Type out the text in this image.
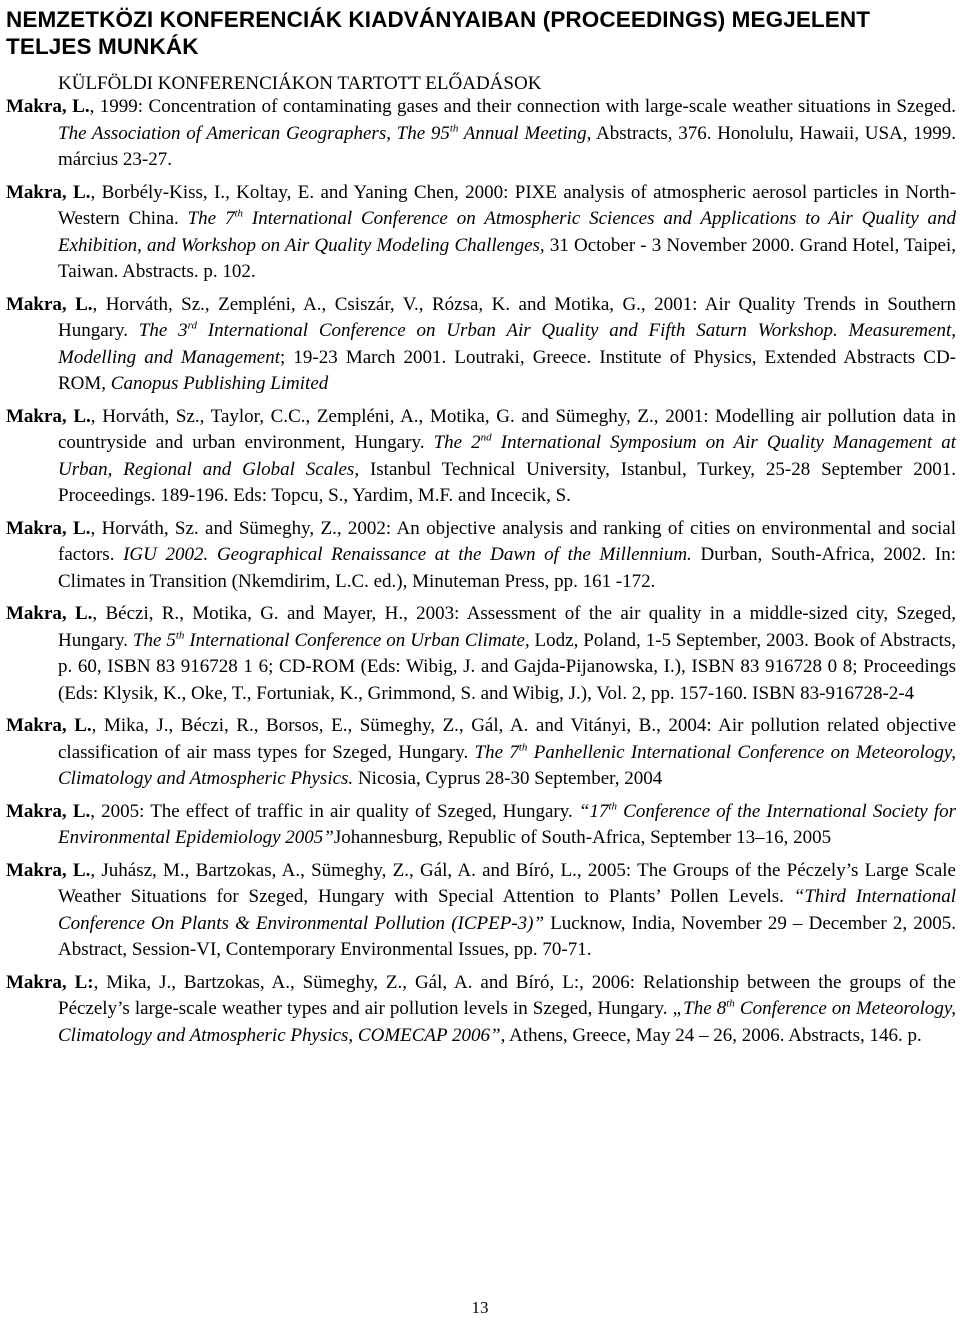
NEMZETKÖZI KONFERENCIÁK KIADVÁNYAIBAN (PROCEEDINGS) MEGJELENT TELJES MUNKÁK
KÜLFÖLDI KONFERENCIÁKON TARTOTT ELŐADÁSOK

Makra, L., 1999: Concentration of contaminating gases and their connection with large-scale weather situations in Szeged. The Association of American Geographers, The 95th Annual Meeting, Abstracts, 376. Honolulu, Hawaii, USA, 1999. március 23-27.

Makra, L., Borbély-Kiss, I., Koltay, E. and Yaning Chen, 2000: PIXE analysis of atmospheric aerosol particles in North-Western China. The 7th International Conference on Atmospheric Sciences and Applications to Air Quality and Exhibition, and Workshop on Air Quality Modeling Challenges, 31 October - 3 November 2000. Grand Hotel, Taipei, Taiwan. Abstracts. p. 102.

Makra, L., Horváth, Sz., Zempléni, A., Csiszár, V., Rózsa, K. and Motika, G., 2001: Air Quality Trends in Southern Hungary. The 3rd International Conference on Urban Air Quality and Fifth Saturn Workshop. Measurement, Modelling and Management; 19-23 March 2001. Loutraki, Greece. Institute of Physics, Extended Abstracts CD-ROM, Canopus Publishing Limited

Makra, L., Horváth, Sz., Taylor, C.C., Zempléni, A., Motika, G. and Sümeghy, Z., 2001: Modelling air pollution data in countryside and urban environment, Hungary. The 2nd International Symposium on Air Quality Management at Urban, Regional and Global Scales, Istanbul Technical University, Istanbul, Turkey, 25-28 September 2001. Proceedings. 189-196. Eds: Topcu, S., Yardim, M.F. and Incecik, S.

Makra, L., Horváth, Sz. and Sümeghy, Z., 2002: An objective analysis and ranking of cities on environmental and social factors. IGU 2002. Geographical Renaissance at the Dawn of the Millennium. Durban, South-Africa, 2002. In: Climates in Transition (Nkemdirim, L.C. ed.), Minuteman Press, pp. 161 -172.

Makra, L., Béczi, R., Motika, G. and Mayer, H., 2003: Assessment of the air quality in a middle-sized city, Szeged, Hungary. The 5th International Conference on Urban Climate, Lodz, Poland, 1-5 September, 2003. Book of Abstracts, p. 60, ISBN 83 916728 1 6; CD-ROM (Eds: Wibig, J. and Gajda-Pijanowska, I.), ISBN 83 916728 0 8; Proceedings (Eds: Klysik, K., Oke, T., Fortuniak, K., Grimmond, S. and Wibig, J.), Vol. 2, pp. 157-160. ISBN 83-916728-2-4

Makra, L., Mika, J., Béczi, R., Borsos, E., Sümeghy, Z., Gál, A. and Vitányi, B., 2004: Air pollution related objective classification of air mass types for Szeged, Hungary. The 7th Panhellenic International Conference on Meteorology, Climatology and Atmospheric Physics. Nicosia, Cyprus 28-30 September, 2004

Makra, L., 2005: The effect of traffic in air quality of Szeged, Hungary. “17th Conference of the International Society for Environmental Epidemiology 2005”Johannesburg, Republic of South-Africa, September 13–16, 2005

Makra, L., Juhász, M., Bartzokas, A., Sümeghy, Z., Gál, A. and Bíró, L., 2005: The Groups of the Péczely’s Large Scale Weather Situations for Szeged, Hungary with Special Attention to Plants’ Pollen Levels. “Third International Conference On Plants & Environmental Pollution (ICPEP-3)” Lucknow, India, November 29 – December 2, 2005. Abstract, Session-VI, Contemporary Environmental Issues, pp. 70-71.

Makra, L:, Mika, J., Bartzokas, A., Sümeghy, Z., Gál, A. and Bíró, L:, 2006: Relationship between the groups of the Péczely’s large-scale weather types and air pollution levels in Szeged, Hungary. „The 8th Conference on Meteorology, Climatology and Atmospheric Physics, COMECAP 2006”, Athens, Greece, May 24 – 26, 2006. Abstracts, 146. p.

13
